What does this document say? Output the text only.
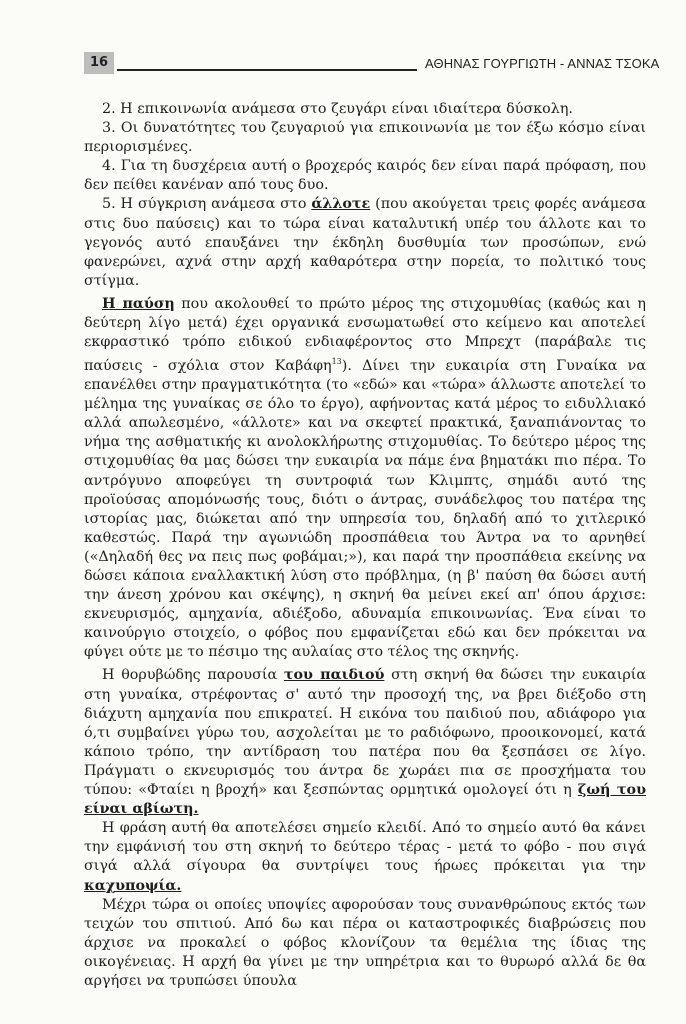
16	ΑΘΗΝΑΣ ΓΟΥΡΓΙΩΤΗ - ΑΝΝΑΣ ΤΣΟΚΑ

2. Η επικοινωνία ανάμεσα στο ζευγάρι είναι ιδιαίτερα δύσκολη.

3. Οι δυνατότητες του ζευγαριού για επικοινωνία με τον έξω κόσμο είναι περιορισμένες.

4. Για τη δυσχέρεια αυτή ο βροχερός καιρός δεν είναι παρά πρόφαση, που δεν πείθει κανέναν από τους δυο.

5. Η σύγκριση ανάμεσα στο άλλοτε (που ακούγεται τρεις φορές ανάμεσα στις δυο παύσεις) και το τώρα είναι καταλυτική υπέρ του άλλοτε και το γεγονός αυτό επαυξάνει την έκδηλη δυσθυμία των προσώπων, ενώ φανερώνει, αχνά στην αρχή καθαρότερα στην πορεία, το πολιτικό τους στίγμα.

Η παύση που ακολουθεί το πρώτο μέρος της στιχομυθίας (καθώς και η δεύτερη λίγο μετά) έχει οργανικά ενσωματωθεί στο κείμενο και αποτελεί εκφραστικό τρόπο ειδικού ενδιαφέροντος στο Μπρεχτ (παράβαλε τις παύσεις - σχόλια στον Καβάφη$^{13}$). Δίνει την ευκαιρία στη Γυναίκα να επανέλθει στην πραγματικότητα (το «εδώ» και «τώρα» άλλωστε αποτελεί το μέλημα της γυναίκας σε όλο το έργο), αφήνοντας κατά μέρος το ειδυλλιακό αλλά απωλεσμένο, «άλλοτε» και να σκεφτεί πρακτικά, ξαναπιάνοντας το νήμα της ασθματικής κι ανολοκλήρωτης στιχομυθίας. Το δεύτερο μέρος της στιχομυθίας θα μας δώσει την ευκαιρία να πάμε ένα βηματάκι πιο πέρα. Το αντρόγυνο αποφεύγει τη συντροφιά των Κλιμπτς, σημάδι αυτό της προϊούσας απομόνωσής τους, διότι ο άντρας, συνάδελφος του πατέρα της ιστορίας μας, διώκεται από την υπηρεσία του, δηλαδή από το χιτλερικό καθεστώς. Παρά την αγωνιώδη προσπάθεια του Άντρα να το αρνηθεί («Δηλαδή θες να πεις πως φοβάμαι;»), και παρά την προσπάθεια εκείνης να δώσει κάποια εναλλακτική λύση στο πρόβλημα, (η β' παύση θα δώσει αυτή την άνεση χρόνου και σκέψης), η σκηνή θα μείνει εκεί απ' όπου άρχισε: εκνευρισμός, αμηχανία, αδιέξοδο, αδυναμία επικοινωνίας. Ένα είναι το καινούργιο στοιχείο, ο φόβος που εμφανίζεται εδώ και δεν πρόκειται να φύγει ούτε με το πέσιμο της αυλαίας στο τέλος της σκηνής.

Η θορυβώδης παρουσία του παιδιού στη σκηνή θα δώσει την ευκαιρία στη γυναίκα, στρέφοντας σ' αυτό την προσοχή της, να βρει διέξοδο στη διάχυτη αμηχανία που επικρατεί. Η εικόνα του παιδιού που, αδιάφορο για ό,τι συμβαίνει γύρω του, ασχολείται με το ραδιόφωνο, προοικονομεί, κατά κάποιο τρόπο, την αντίδραση του πατέρα που θα ξεσπάσει σε λίγο. Πράγματι ο εκνευρισμός του άντρα δε χωράει πια σε προσχήματα του τύπου: «Φταίει η βροχή» και ξεσπώντας ορμητικά ομολογεί ότι η ζωή του είναι αβίωτη.

Η φράση αυτή θα αποτελέσει σημείο κλειδί. Από το σημείο αυτό θα κάνει την εμφάνισή του στη σκηνή το δεύτερο τέρας - μετά το φόβο - που σιγά σιγά αλλά σίγουρα θα συντρίψει τους ήρωες πρόκειται για την καχυποψία.

Μέχρι τώρα οι οποίες υποψίες αφορούσαν τους συνανθρώπους εκτός των τειχών του σπιτιού. Από δω και πέρα οι καταστροφικές διαβρώσεις που άρχισε να προκαλεί ο φόβος κλονίζουν τα θεμέλια της ίδιας της οικογένειας. Η αρχή θα γίνει με την υπηρέτρια και το θυρωρό αλλά δε θα αργήσει να τρυπώσει ύπουλα
